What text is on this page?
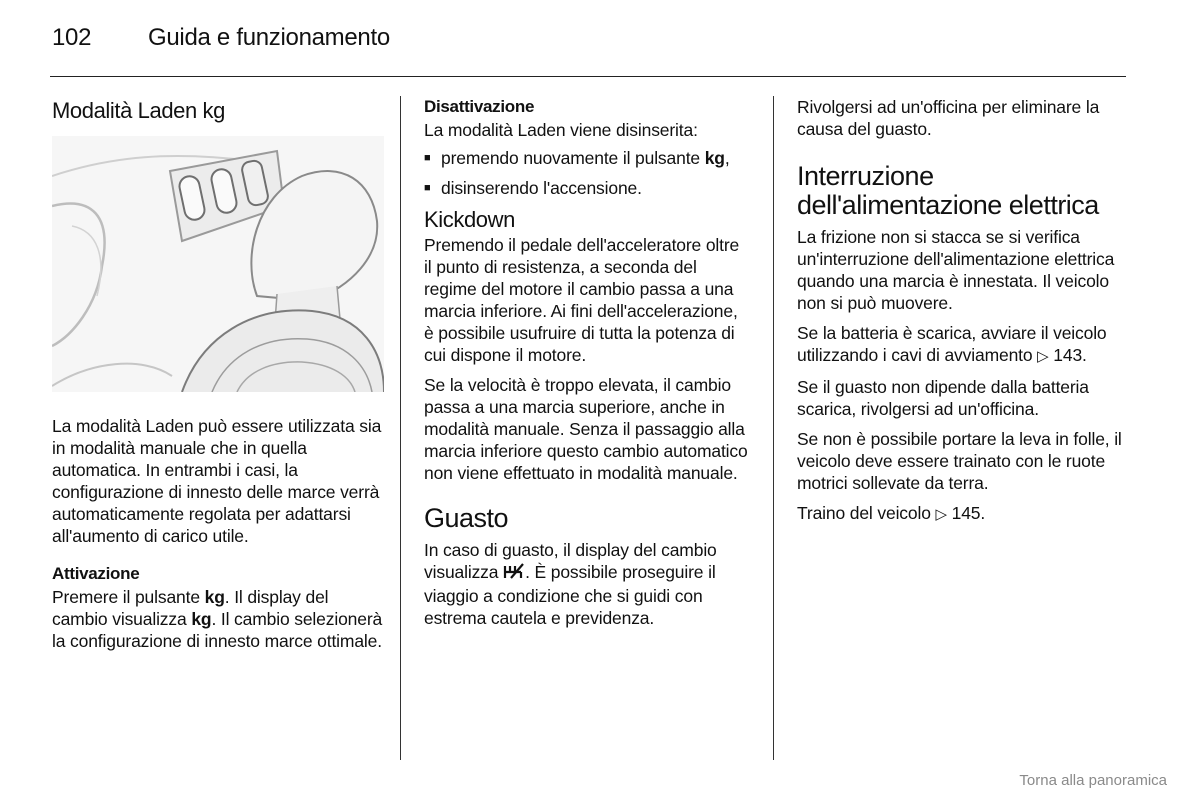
102 Guida e funzionamento
Modalità Laden kg

La modalità Laden può essere utilizzata sia in modalità manuale che in quella automatica. In entrambi i casi, la configurazione di innesto delle marce verrà automaticamente regolata per adattarsi all'aumento di carico utile.

Attivazione

Premere il pulsante kg. Il display del cambio visualizza kg. Il cambio selezionerà la configurazione di innesto marce ottimale.

Disattivazione

La modalità Laden viene disinserita:

■ premendo nuovamente il pulsante kg,
■ disinserendo l'accensione.
Kickdown

Premendo il pedale dell'acceleratore oltre il punto di resistenza, a seconda del regime del motore il cambio passa a una marcia inferiore. Ai fini dell'accelerazione, è possibile usufruire di tutta la potenza di cui dispone il motore.

Se la velocità è troppo elevata, il cambio passa a una marcia superiore, anche in modalità manuale. Senza il passaggio alla marcia inferiore questo cambio automatico non viene effettuato in modalità manuale.

Guasto

In caso di guasto, il display del cambio visualizza . È possibile proseguire il viaggio a condizione che si guidi con estrema cautela e previdenza.

Rivolgersi ad un'officina per eliminare la causa del guasto.

Interruzione dell'alimentazione elettrica

La frizione non si stacca se si verifica un'interruzione dell'alimentazione elettrica quando una marcia è innestata. Il veicolo non si può muovere.

Se la batteria è scarica, avviare il veicolo utilizzando i cavi di avviamento ▷ 143.

Se il guasto non dipende dalla batteria scarica, rivolgersi ad un'officina.

Se non è possibile portare la leva in folle, il veicolo deve essere trainato con le ruote motrici sollevate da terra.

Traino del veicolo ▷ 145.

Torna alla panoramica
